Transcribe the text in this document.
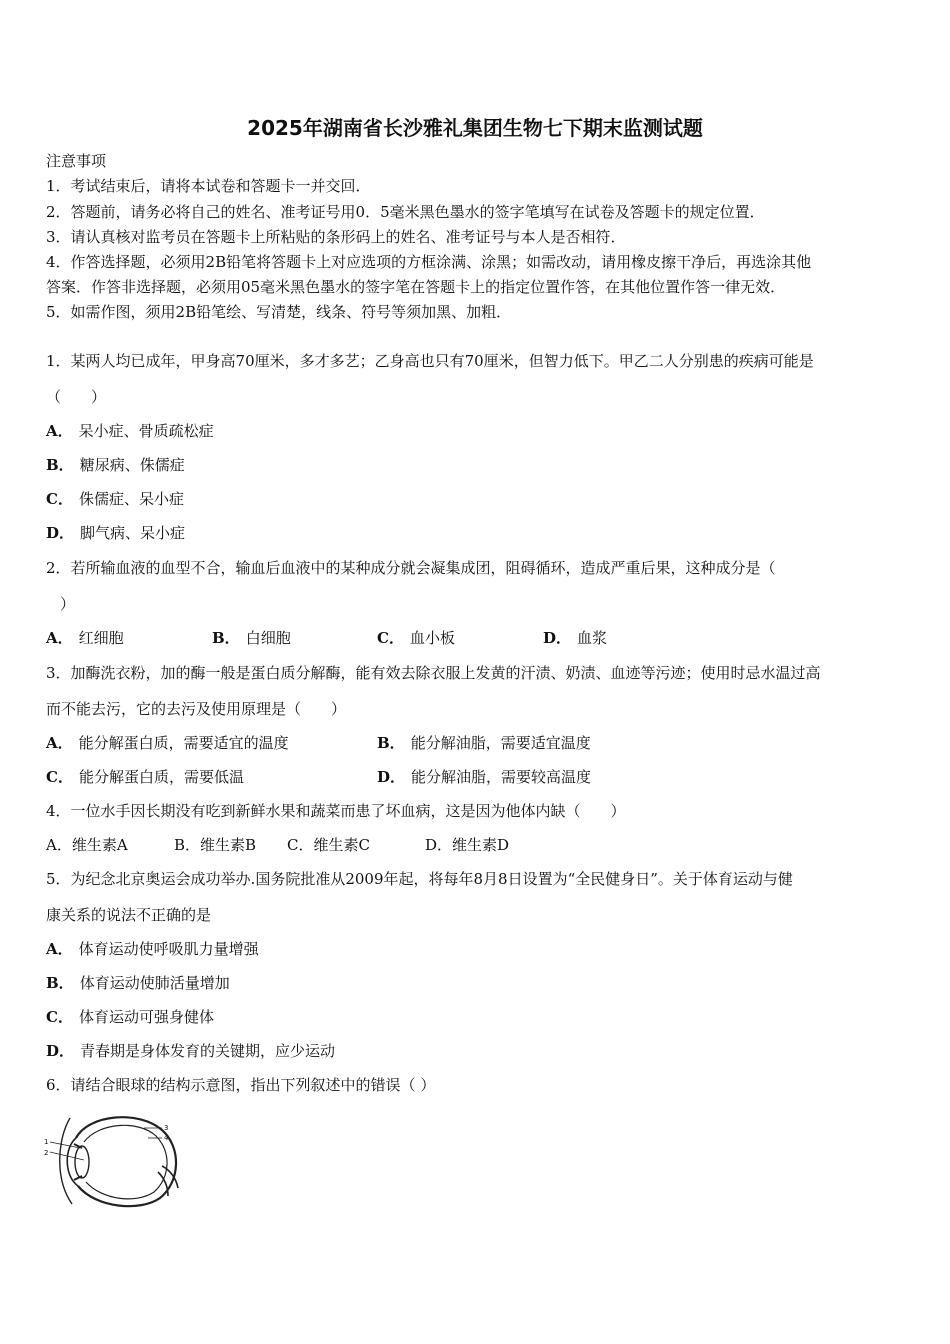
2025年湖南省长沙雅礼集团生物七下期末监测试题
注意事项
1．考试结束后，请将本试卷和答题卡一并交回．
2．答题前，请务必将自己的姓名、准考证号用0．5毫米黑色墨水的签字笔填写在试卷及答题卡的规定位置．
3．请认真核对监考员在答题卡上所粘贴的条形码上的姓名、准考证号与本人是否相符．
4．作答选择题，必须用2B铅笔将答题卡上对应选项的方框涂满、涂黑；如需改动，请用橡皮擦干净后，再选涂其他
答案．作答非选择题，必须用05毫米黑色墨水的签字笔在答题卡上的指定位置作答，在其他位置作答一律无效．
5．如需作图，须用2B铅笔绘、写清楚，线条、符号等须加黑、加粗．
1．某两人均已成年，甲身高70厘米，多才多艺；乙身高也只有70厘米，但智力低下。甲乙二人分别患的疾病可能是
（　　）
A． 呆小症、骨质疏松症
B． 糖尿病、侏儒症
C． 侏儒症、呆小症
D． 脚气病、呆小症
2．若所输血液的血型不合，输血后血液中的某种成分就会凝集成团，阻碍循环，造成严重后果，这种成分是（
）
A． 红细胞	B． 白细胞	C． 血小板	D． 血浆
3．加酶洗衣粉，加的酶一般是蛋白质分解酶，能有效去除衣服上发黄的汗渍、奶渍、血迹等污迹；使用时忌水温过高
而不能去污，它的去污及使用原理是（　　）
A． 能分解蛋白质，需要适宜的温度	B． 能分解油脂，需要适宜温度
C． 能分解蛋白质，需要低温	D． 能分解油脂，需要较高温度
4．一位水手因长期没有吃到新鲜水果和蔬菜而患了坏血病，这是因为他体内缺（　　）
A．维生素A	B．维生素B C．维生素C	D．维生素D
5．为纪念北京奥运会成功举办.国务院批准从2009年起，将每年8月8日设置为“全民健身日”。关于体育运动与健
康关系的说法不正确的是
A． 体育运动使呼吸肌力量增强
B． 体育运动使肺活量增加
C． 体育运动可强身健体
D． 青春期是身体发育的关键期，应少运动
6．请结合眼球的结构示意图，指出下列叙述中的错误（ ）
1
2
3
4
